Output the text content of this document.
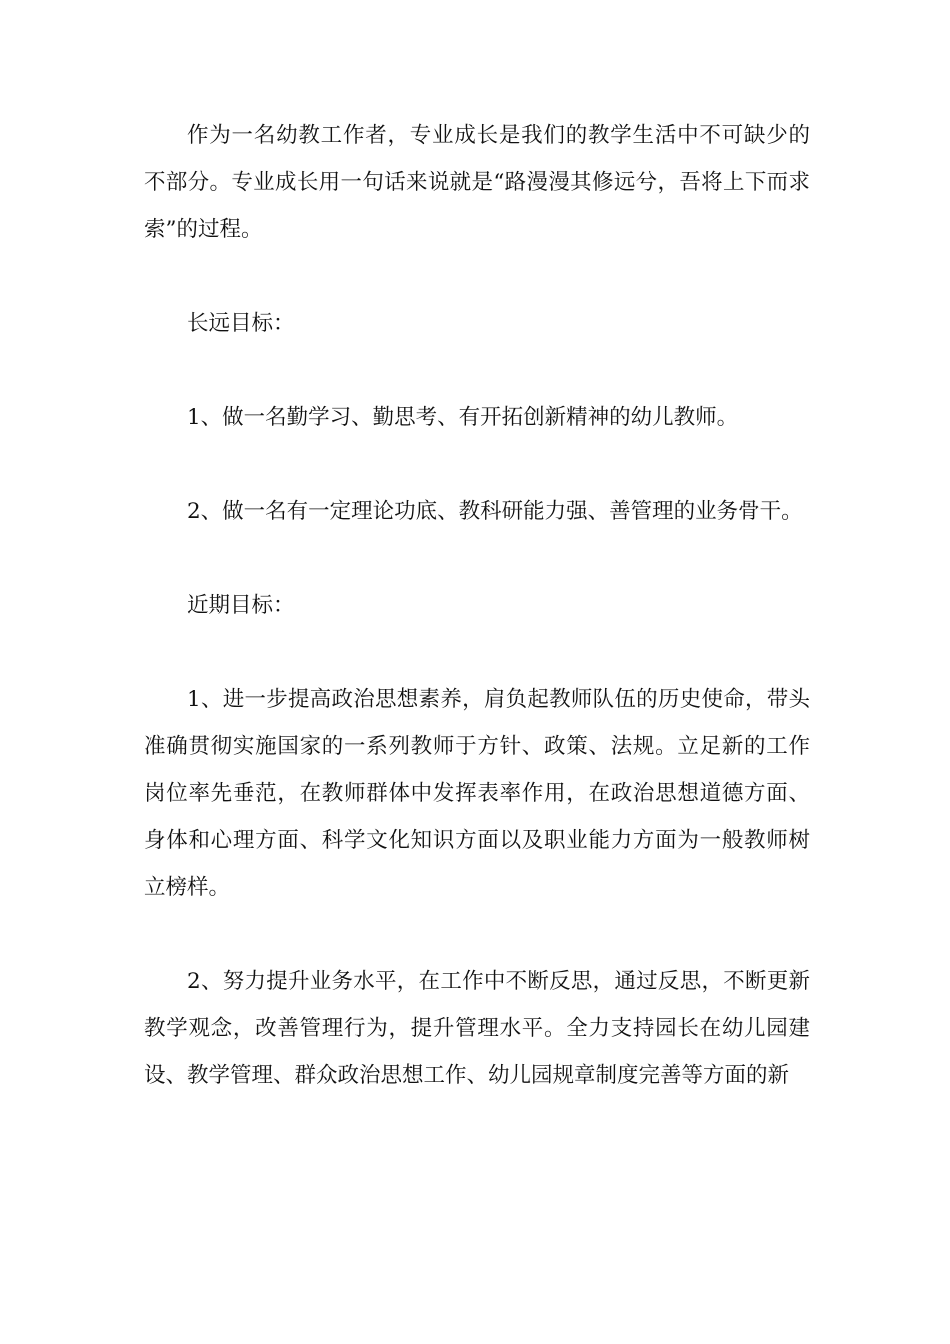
作为一名幼教工作者，专业成长是我们的教学生活中不可缺少的不部分。专业成长用一句话来说就是“路漫漫其修远兮，吾将上下而求索”的过程。

长远目标：

1、做一名勤学习、勤思考、有开拓创新精神的幼儿教师。

2、做一名有一定理论功底、教科研能力强、善管理的业务骨干。

近期目标：

1、进一步提高政治思想素养，肩负起教师队伍的历史使命，带头准确贯彻实施国家的一系列教师于方针、政策、法规。立足新的工作岗位率先垂范，在教师群体中发挥表率作用，在政治思想道德方面、身体和心理方面、科学文化知识方面以及职业能力方面为一般教师树立榜样。

2、努力提升业务水平，在工作中不断反思，通过反思，不断更新教学观念，改善管理行为，提升管理水平。全力支持园长在幼儿园建设、教学管理、群众政治思想工作、幼儿园规章制度完善等方面的新
